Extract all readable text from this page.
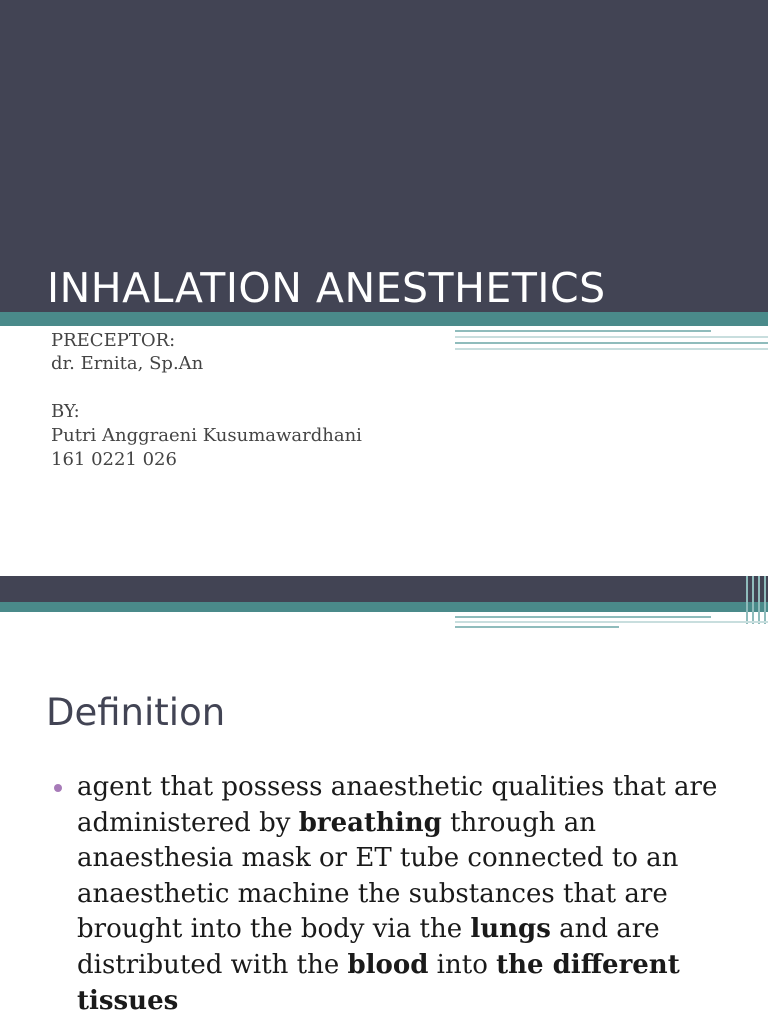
INHALATION ANESTHETICS
PRECEPTOR:
dr. Ernita, Sp.An
BY:
Putri Anggraeni Kusumawardhani
161 0221 026
Definition
agent that possess anaesthetic qualities that are administered by breathing through an anaesthesia mask or ET tube connected to an anaesthetic machine the substances that are brought into the body via the lungs and are distributed with the blood into the different tissues
